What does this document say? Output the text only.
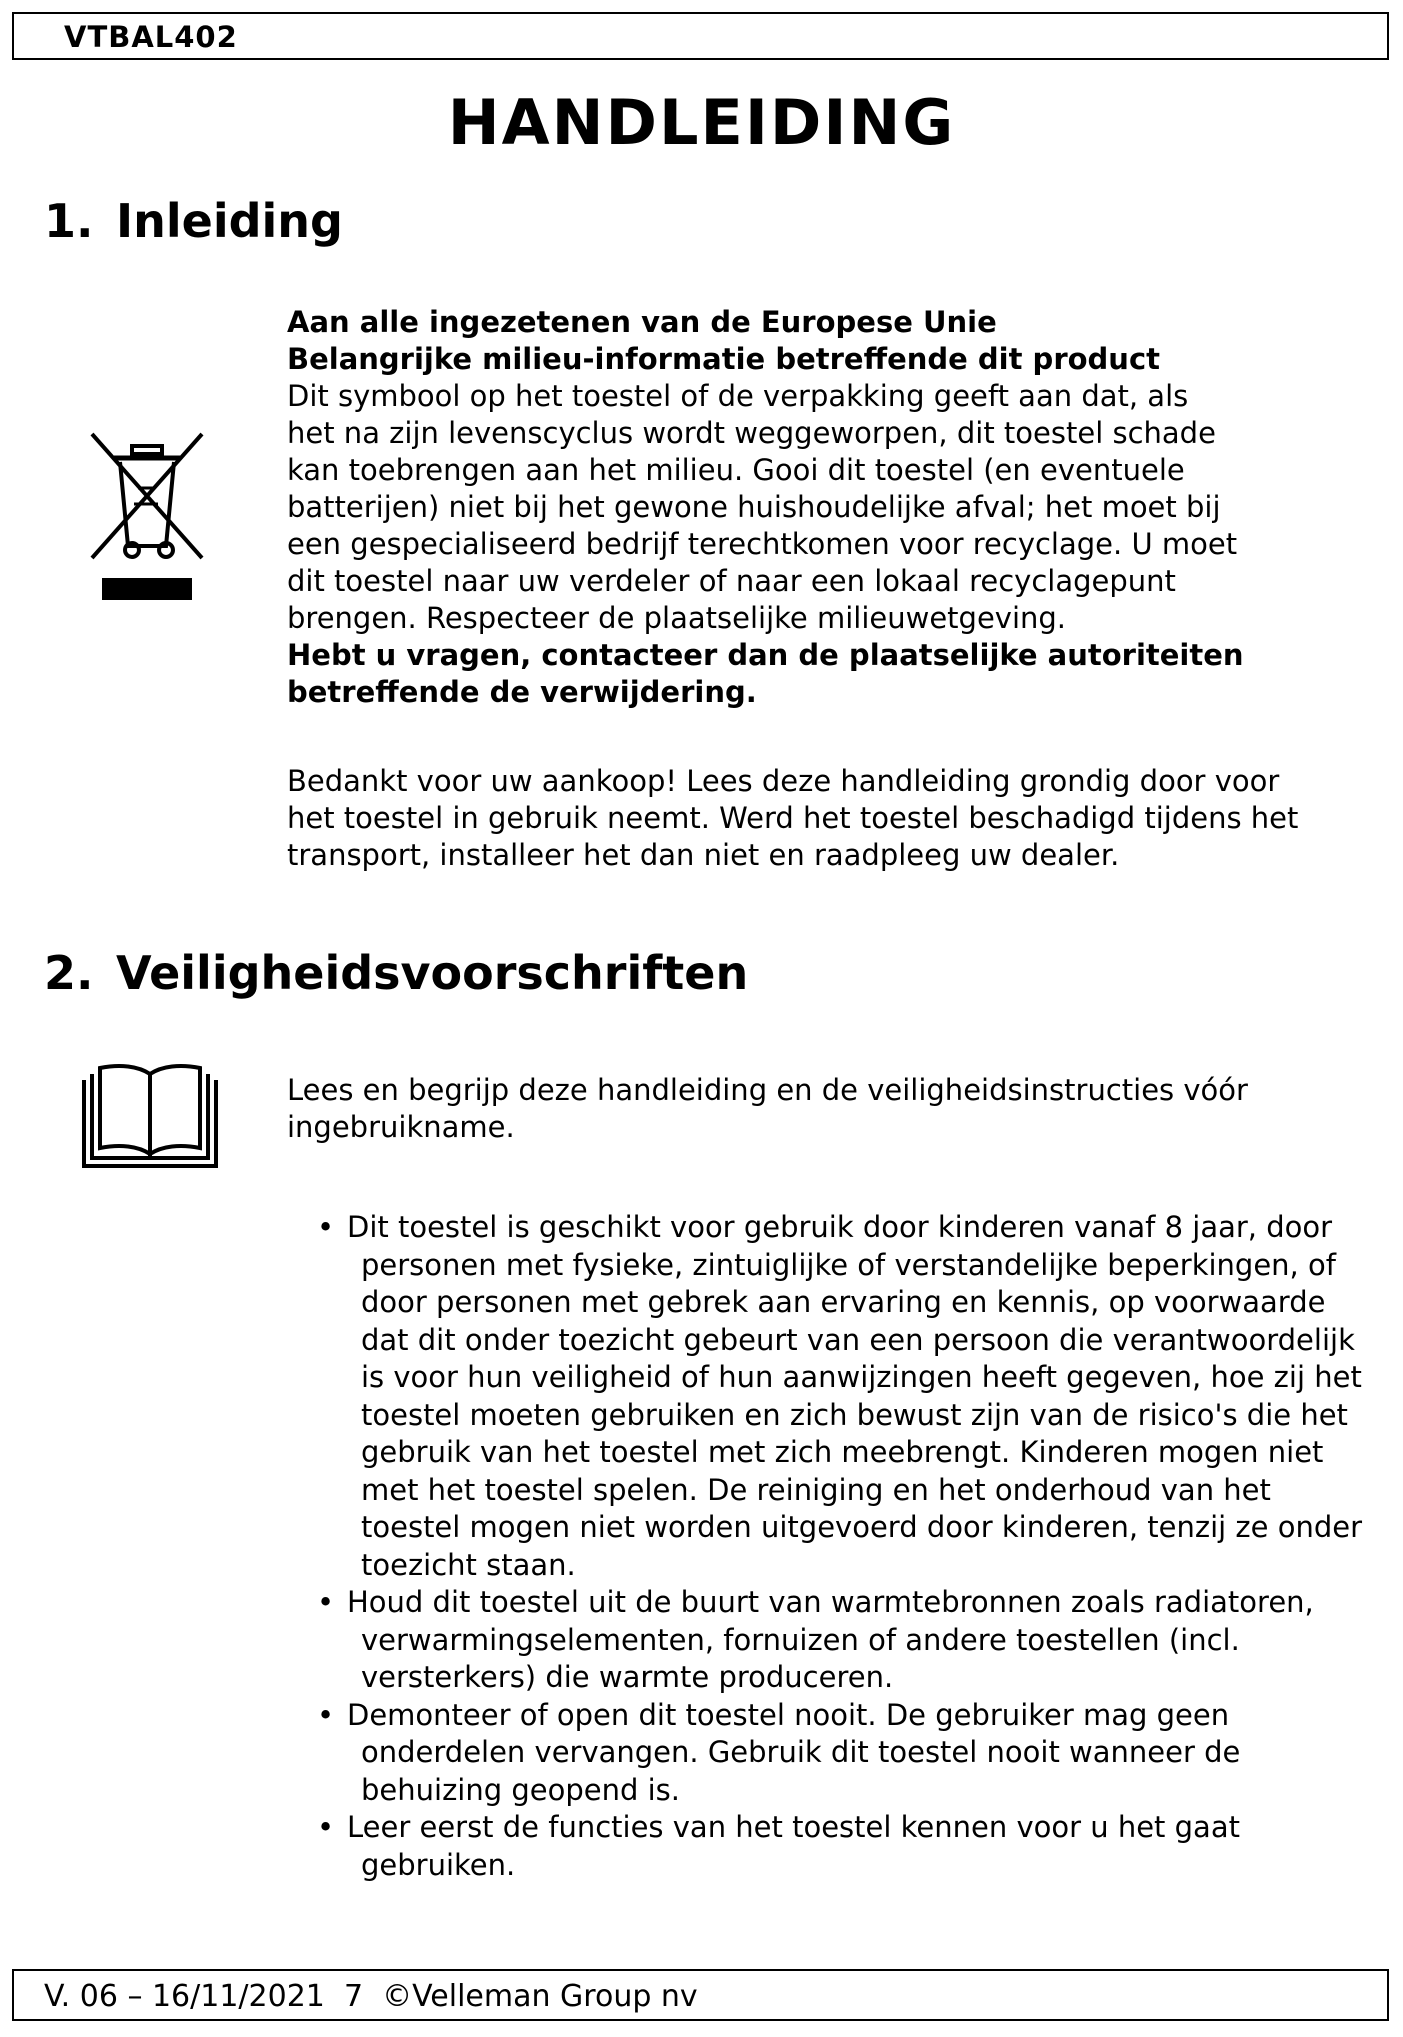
VTBAL402
HANDLEIDING
1. Inleiding
Aan alle ingezetenen van de Europese Unie
Belangrijke milieu-informatie betreffende dit product
Dit symbool op het toestel of de verpakking geeft aan dat, als
het na zijn levenscyclus wordt weggeworpen, dit toestel schade
kan toebrengen aan het milieu. Gooi dit toestel (en eventuele
batterijen) niet bij het gewone huishoudelijke afval; het moet bij
een gespecialiseerd bedrijf terechtkomen voor recyclage. U moet
dit toestel naar uw verdeler of naar een lokaal recyclagepunt
brengen. Respecteer de plaatselijke milieuwetgeving.
Hebt u vragen, contacteer dan de plaatselijke autoriteiten
betreffende de verwijdering.
Bedankt voor uw aankoop! Lees deze handleiding grondig door voor
het toestel in gebruik neemt. Werd het toestel beschadigd tijdens het
transport, installeer het dan niet en raadpleeg uw dealer.
2. Veiligheidsvoorschriften
Lees en begrijp deze handleiding en de veiligheidsinstructies vóór
ingebruikname.
• Dit toestel is geschikt voor gebruik door kinderen vanaf 8 jaar, door personen met fysieke, zintuiglijke of verstandelijke beperkingen, of door personen met gebrek aan ervaring en kennis, op voorwaarde dat dit onder toezicht gebeurt van een persoon die verantwoordelijk is voor hun veiligheid of hun aanwijzingen heeft gegeven, hoe zij het toestel moeten gebruiken en zich bewust zijn van de risico's die het gebruik van het toestel met zich meebrengt. Kinderen mogen niet met het toestel spelen. De reiniging en het onderhoud van het toestel mogen niet worden uitgevoerd door kinderen, tenzij ze onder toezicht staan.
• Houd dit toestel uit de buurt van warmtebronnen zoals radiatoren, verwarmingselementen, fornuizen of andere toestellen (incl. versterkers) die warmte produceren.
• Demonteer of open dit toestel nooit. De gebruiker mag geen onderdelen vervangen. Gebruik dit toestel nooit wanneer de behuizing geopend is.
• Leer eerst de functies van het toestel kennen voor u het gaat gebruiken.
V. 06 – 16/11/2021  7  ©Velleman Group nv
